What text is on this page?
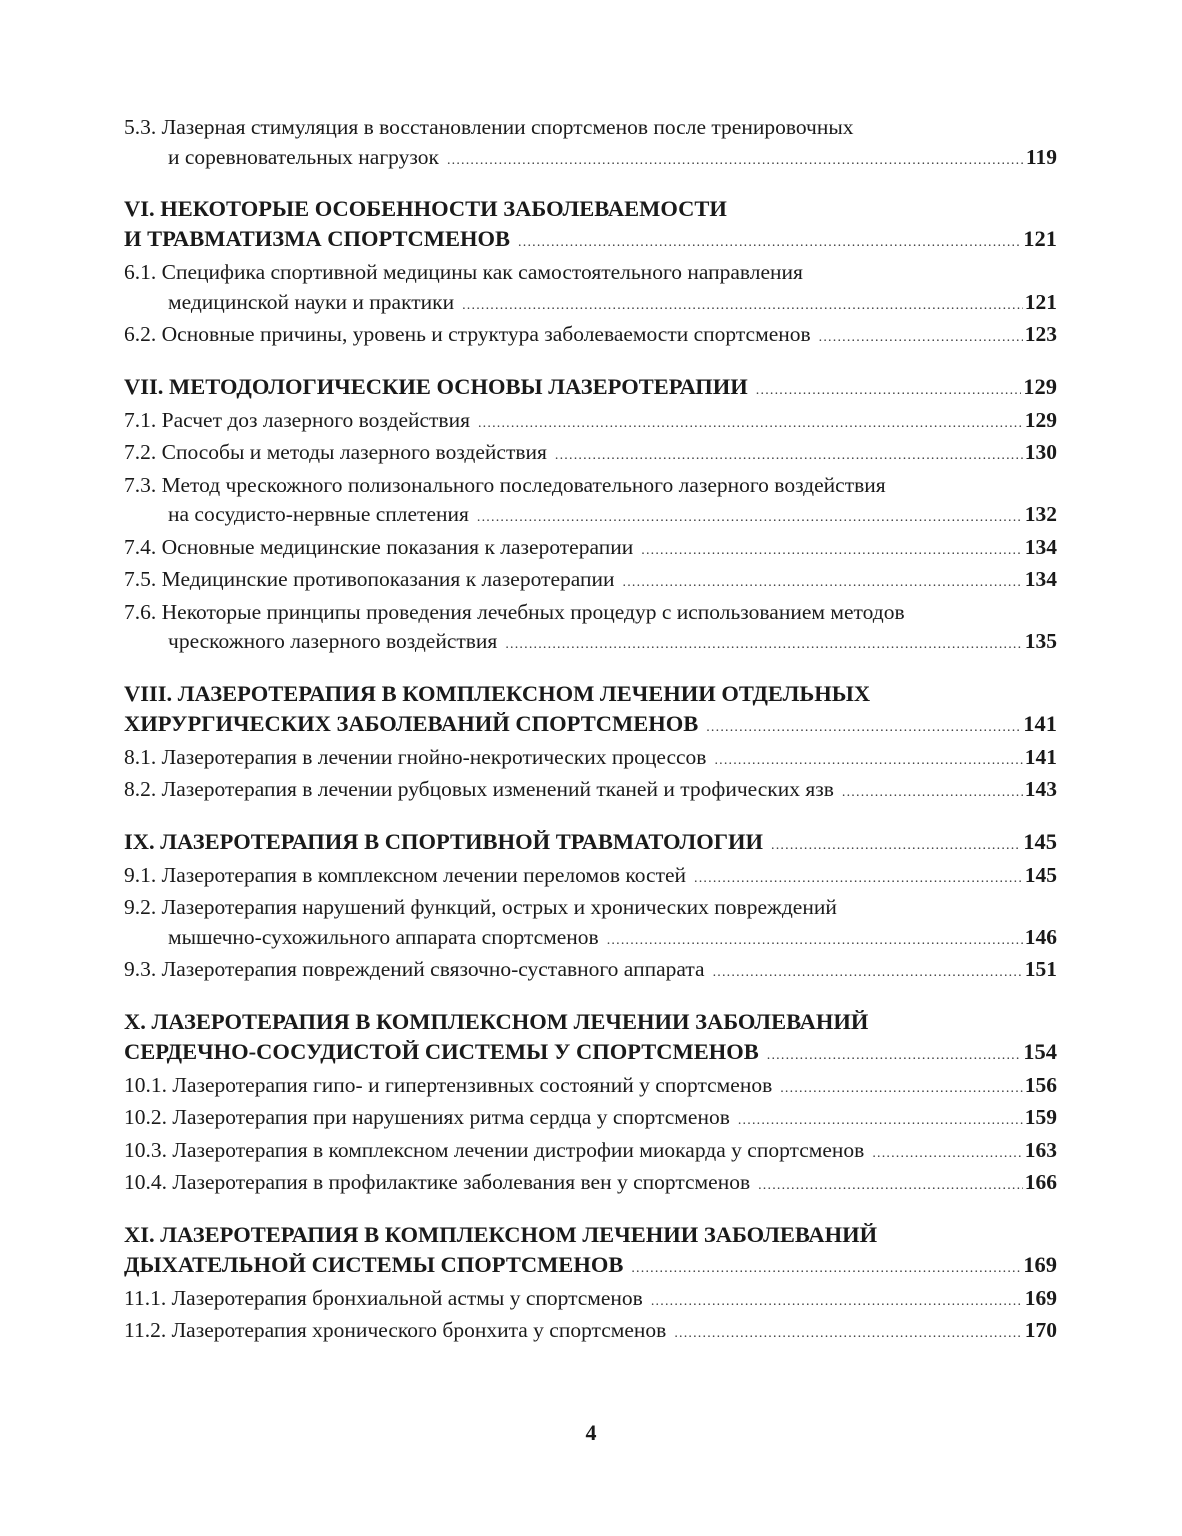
5.3. Лазерная стимуляция в восстановлении спортсменов после тренировочных
и соревновательных нагрузок .....	119
VI. НЕКОТОРЫЕ ОСОБЕННОСТИ ЗАБОЛЕВАЕМОСТИ
И ТРАВМАТИЗМА СПОРТСМЕНОВ .....	121
6.1. Специфика спортивной медицины как самостоятельного направления
медицинской науки и практики .....	121
6.2. Основные причины, уровень и структура заболеваемости спортсменов .....	123
VII. МЕТОДОЛОГИЧЕСКИЕ ОСНОВЫ ЛАЗЕРОТЕРАПИИ .....	129
7.1. Расчет доз лазерного воздействия .....	129
7.2. Способы и методы лазерного воздействия .....	130
7.3. Метод чрескожного полизонального последовательного лазерного воздействия
на сосудисто-нервные сплетения .....	132
7.4. Основные медицинские показания к лазеротерапии .....	134
7.5. Медицинские противопоказания к лазеротерапии .....	134
7.6. Некоторые принципы проведения лечебных процедур с использованием методов
чрескожного лазерного воздействия .....	135
VIII. ЛАЗЕРОТЕРАПИЯ В КОМПЛЕКСНОМ ЛЕЧЕНИИ ОТДЕЛЬНЫХ
ХИРУРГИЧЕСКИХ ЗАБОЛЕВАНИЙ СПОРТСМЕНОВ .....	141
8.1. Лазеротерапия в лечении гнойно-некротических процессов .....	141
8.2. Лазеротерапия в лечении рубцовых изменений тканей и трофических язв .....	143
IX. ЛАЗЕРОТЕРАПИЯ В СПОРТИВНОЙ ТРАВМАТОЛОГИИ .....	145
9.1. Лазеротерапия в комплексном лечении переломов костей .....	145
9.2. Лазеротерапия нарушений функций, острых и хронических повреждений
мышечно-сухожильного аппарата спортсменов .....	146
9.3. Лазеротерапия повреждений связочно-суставного аппарата .....	151
X. ЛАЗЕРОТЕРАПИЯ В КОМПЛЕКСНОМ ЛЕЧЕНИИ ЗАБОЛЕВАНИЙ
СЕРДЕЧНО-СОСУДИСТОЙ СИСТЕМЫ У СПОРТСМЕНОВ .....	154
10.1. Лазеротерапия гипо- и гипертензивных состояний у спортсменов .....	156
10.2. Лазеротерапия при нарушениях ритма сердца у спортсменов .....	159
10.3. Лазеротерапия в комплексном лечении дистрофии миокарда у спортсменов .....	163
10.4. Лазеротерапия в профилактике заболевания вен у спортсменов .....	166
XI. ЛАЗЕРОТЕРАПИЯ В КОМПЛЕКСНОМ ЛЕЧЕНИИ ЗАБОЛЕВАНИЙ
ДЫХАТЕЛЬНОЙ СИСТЕМЫ СПОРТСМЕНОВ .....	169
11.1. Лазеротерапия бронхиальной астмы у спортсменов .....	169
11.2. Лазеротерапия хронического бронхита у спортсменов .....	170
4
